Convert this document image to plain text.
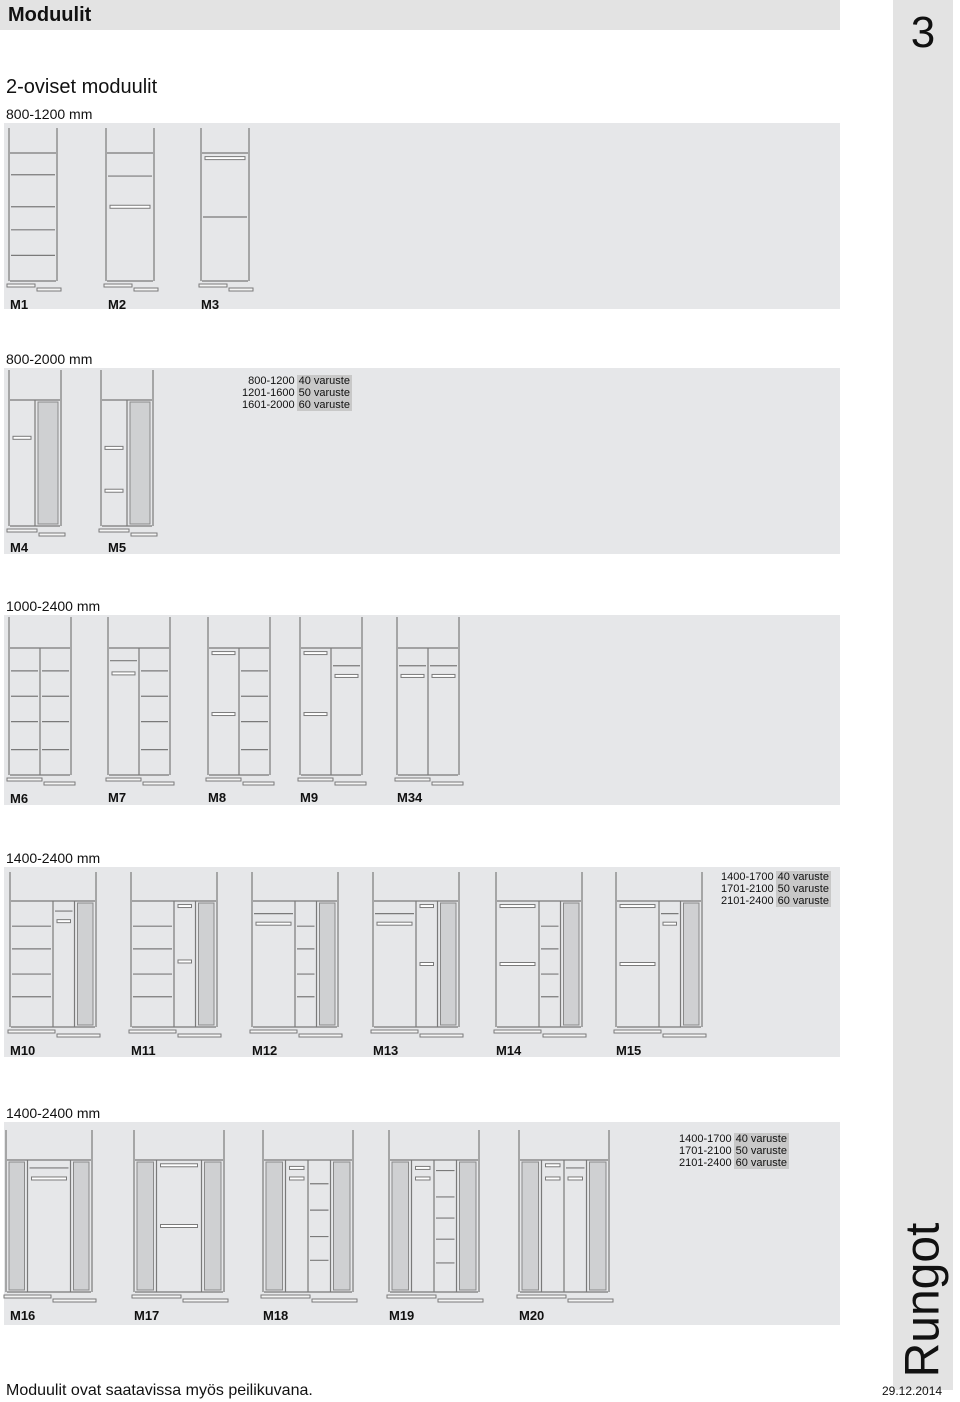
Moduulit	3
Rungot
2-oviset moduulit
800-1200 mm
M1	M2	M3
800-2000 mm
800-1200	40 varuste
1201-1600	50 varuste
1601-2000	60 varuste
M4	M5
1000-2400 mm
M6	M7	M8	M9	M34
1400-2400 mm
1400-1700	40 varuste
1701-2100	50 varuste
2101-2400	60 varuste
M10	M11	M12	M13	M14	M15
1400-2400 mm
1400-1700	40 varuste
1701-2100	50 varuste
2101-2400	60 varuste
M16	M17	M18	M19	M20
Moduulit ovat saatavissa myös peilikuvana.	29.12.2014
